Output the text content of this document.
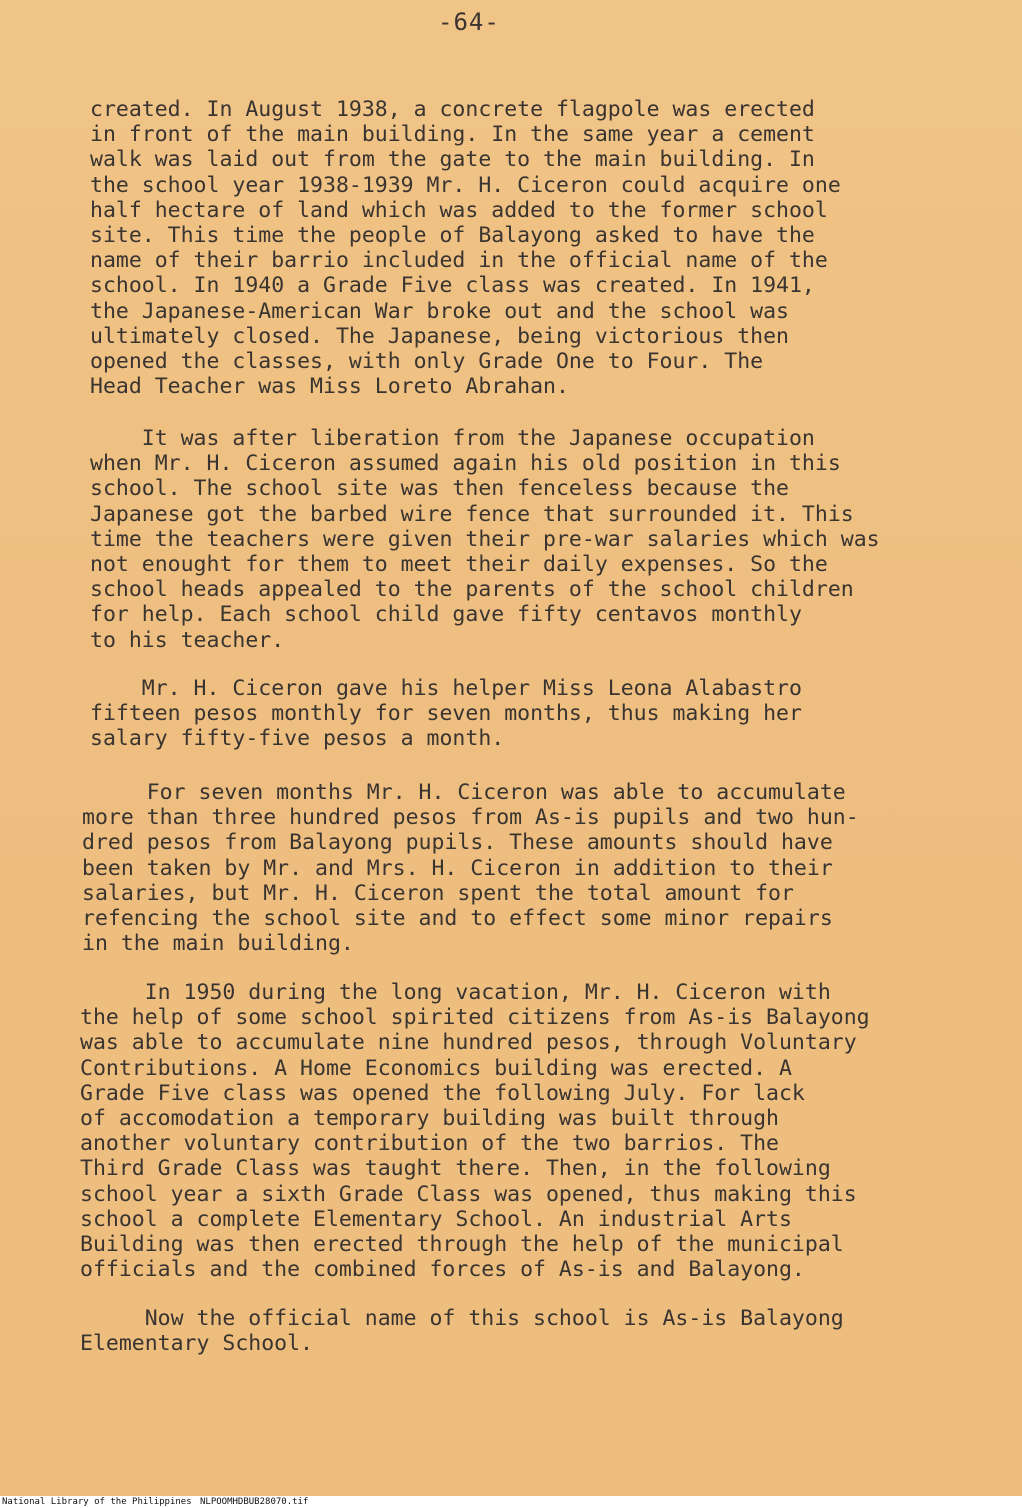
-64-

created. In August 1938, a concrete flagpole was erected
in front of the main building. In the same year a cement
walk was laid out from the gate to the main building. In
the school year 1938-1939 Mr. H. Ciceron could acquire one
half hectare of land which was added to the former school
site. This time the people of Balayong asked to have the
name of their barrio included in the official name of the
school. In 1940 a Grade Five class was created. In 1941,
the Japanese-American War broke out and the school was
ultimately closed. The Japanese, being victorious then
opened the classes, with only Grade One to Four. The
Head Teacher was Miss Loreto Abrahan.

It was after liberation from the Japanese occupation
when Mr. H. Ciceron assumed again his old position in this
school. The school site was then fenceless because the
Japanese got the barbed wire fence that surrounded it. This
time the teachers were given their pre-war salaries which was
not enought for them to meet their daily expenses. So the
school heads appealed to the parents of the school children
for help. Each school child gave fifty centavos monthly
to his teacher.

Mr. H. Ciceron gave his helper Miss Leona Alabastro
fifteen pesos monthly for seven months, thus making her
salary fifty-five pesos a month.

For seven months Mr. H. Ciceron was able to accumulate
more than three hundred pesos from As-is pupils and two hun-
dred pesos from Balayong pupils. These amounts should have
been taken by Mr. and Mrs. H. Ciceron in addition to their
salaries, but Mr. H. Ciceron spent the total amount for
refencing the school site and to effect some minor repairs
in the main building.

In 1950 during the long vacation, Mr. H. Ciceron with
the help of some school spirited citizens from As-is Balayong
was able to accumulate nine hundred pesos, through Voluntary
Contributions. A Home Economics building was erected. A
Grade Five class was opened the following July. For lack
of accomodation a temporary building was built through
another voluntary contribution of the two barrios. The
Third Grade Class was taught there. Then, in the following
school year a sixth Grade Class was opened, thus making this
school a complete Elementary School. An industrial Arts
Building was then erected through the help of the municipal
officials and the combined forces of As-is and Balayong.

Now the official name of this school is As-is Balayong
Elementary School.

National Library of the Philippines NLPOOMHDBUB28070.tif
